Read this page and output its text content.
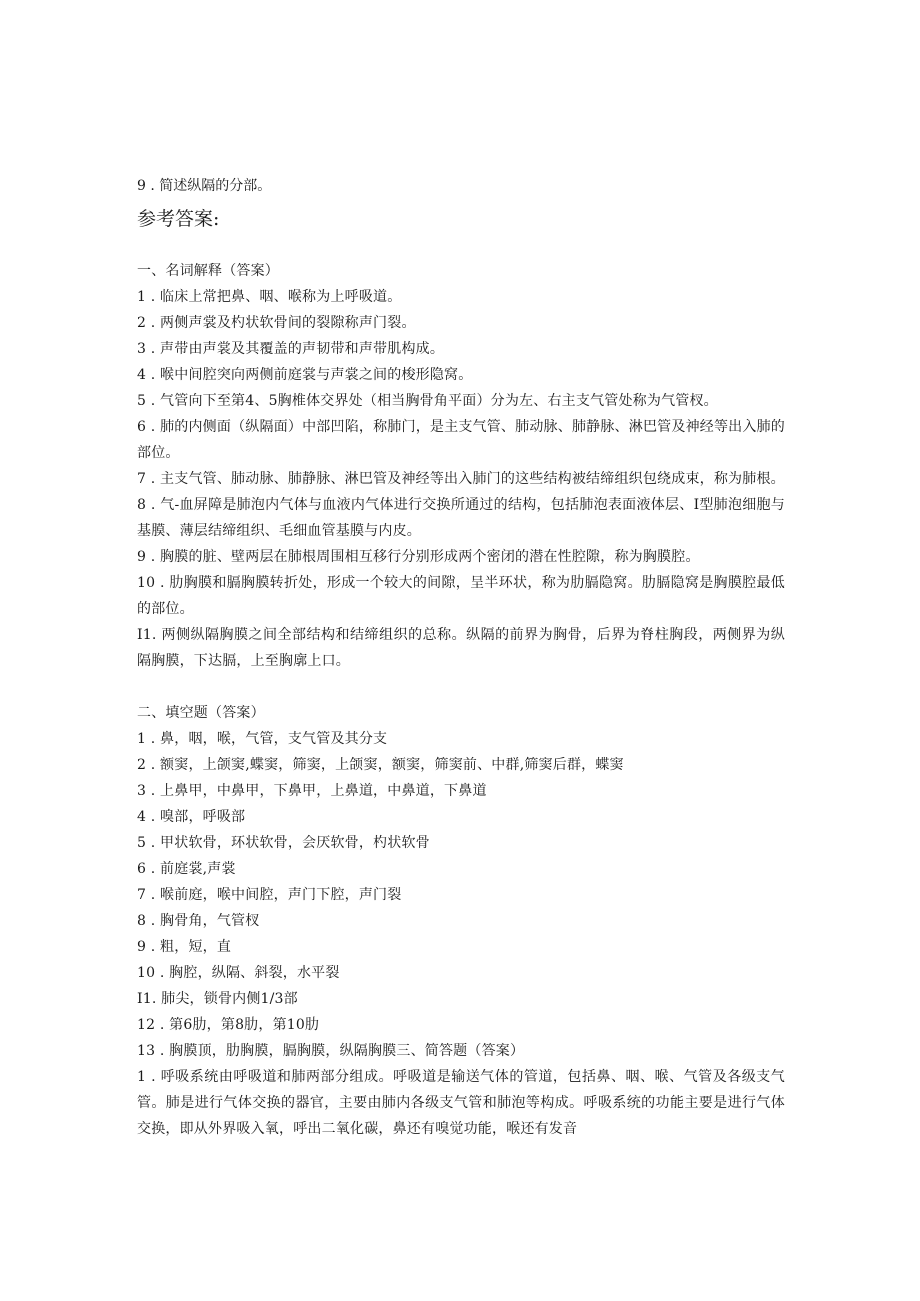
9 . 简述纵隔的分部。
参考答案:
一、名词解释（答案）
1 . 临床上常把鼻、咽、喉称为上呼吸道。
2 . 两侧声裳及杓状软骨间的裂隙称声门裂。
3 . 声带由声裳及其覆盖的声韧带和声带肌构成。
4 . 喉中间腔突向两侧前庭裳与声裳之间的梭形隐窝。
5 . 气管向下至第4、5胸椎体交界处（相当胸骨角平面）分为左、右主支气管处称为气管杈。
6 . 肺的内侧面（纵隔面）中部凹陷，称肺门，是主支气管、肺动脉、肺静脉、淋巴管及神经等出入肺的部位。
7 . 主支气管、肺动脉、肺静脉、淋巴管及神经等出入肺门的这些结构被结缔组织包绕成束，称为肺根。
8 . 气-血屏障是肺泡内气体与血液内气体进行交换所通过的结构，包括肺泡表面液体层、I型肺泡细胞与基膜、薄层结缔组织、毛细血管基膜与内皮。
9 . 胸膜的脏、壁两层在肺根周围相互移行分别形成两个密闭的潜在性腔隙，称为胸膜腔。
10 . 肋胸膜和膈胸膜转折处，形成一个较大的间隙，呈半环状，称为肋膈隐窝。肋膈隐窝是胸膜腔最低的部位。
I1. 两侧纵隔胸膜之间全部结构和结缔组织的总称。纵隔的前界为胸骨，后界为脊柱胸段，两侧界为纵隔胸膜，下达膈，上至胸廓上口。
二、填空题（答案）
1 . 鼻，咽，喉，气管，支气管及其分支
2 . 额窦，上颌窦,蝶窦，筛窦，上颌窦，额窦，筛窦前、中群,筛窦后群，蝶窦
3 . 上鼻甲，中鼻甲，下鼻甲，上鼻道，中鼻道，下鼻道
4 . 嗅部，呼吸部
5 . 甲状软骨，环状软骨，会厌软骨，杓状软骨
6 . 前庭裳,声裳
7 . 喉前庭，喉中间腔，声门下腔，声门裂
8 . 胸骨角，气管杈
9 . 粗，短，直
10 . 胸腔，纵隔、斜裂，水平裂
I1. 肺尖，锁骨内侧1/3部
12 . 第6肋，第8肋，第10肋
13 . 胸膜顶，肋胸膜，膈胸膜，纵隔胸膜三、简答题（答案）
1 . 呼吸系统由呼吸道和肺两部分组成。呼吸道是输送气体的管道，包括鼻、咽、喉、气管及各级支气管。肺是进行气体交换的器官，主要由肺内各级支气管和肺泡等构成。呼吸系统的功能主要是进行气体交换，即从外界吸入氧，呼出二氧化碳，鼻还有嗅觉功能，喉还有发音
